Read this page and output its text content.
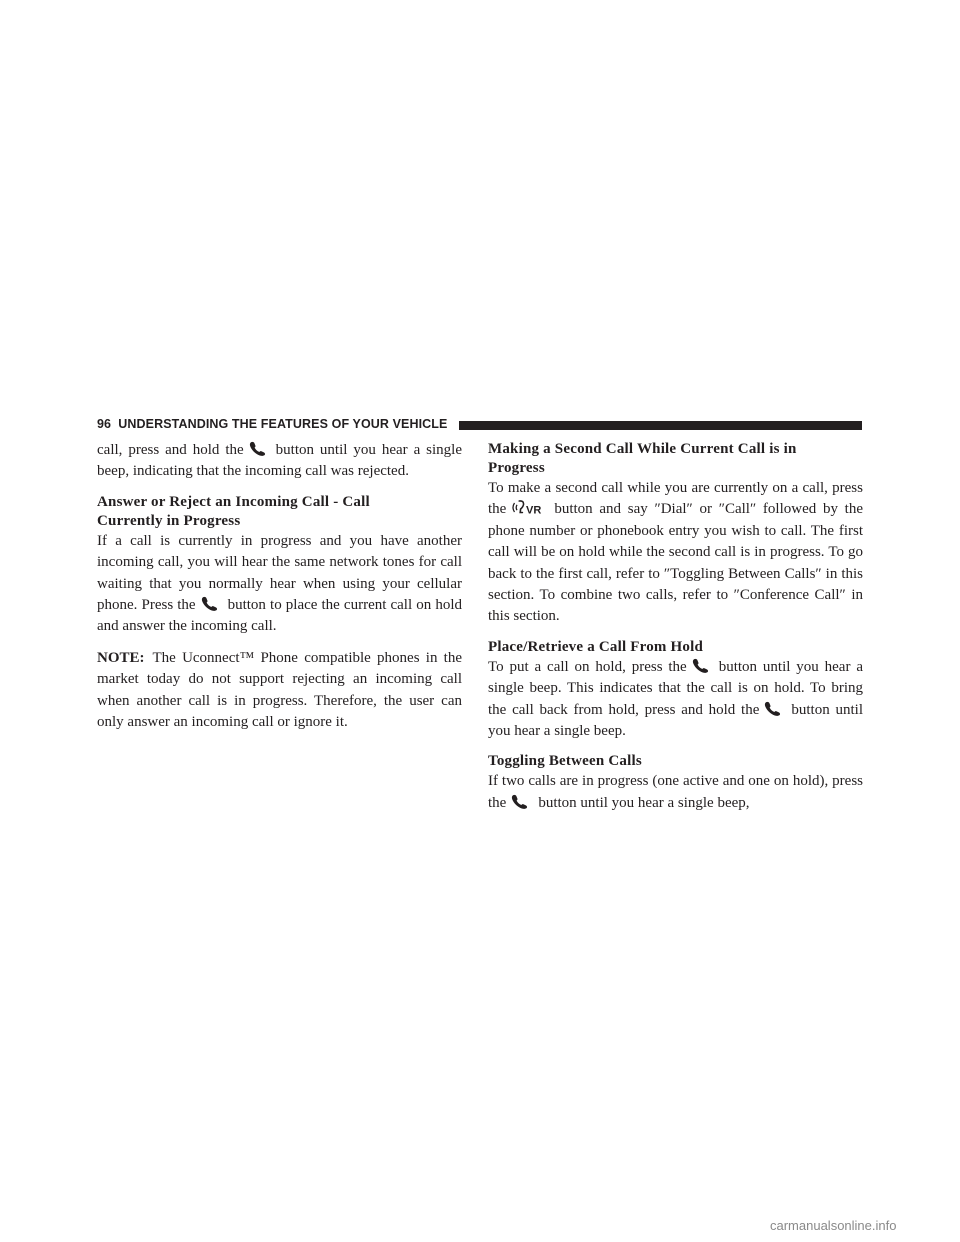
96 UNDERSTANDING THE FEATURES OF YOUR VEHICLE

call, press and hold the button until you hear a single beep, indicating that the incoming call was rejected.

Answer or Reject an Incoming Call - Call
Currently in Progress

If a call is currently in progress and you have another incoming call, you will hear the same network tones for call waiting that you normally hear when using your cellular phone. Press the button to place the current call on hold and answer the incoming call.

NOTE: The Uconnect™ Phone compatible phones in the market today do not support rejecting an incoming call when another call is in progress. Therefore, the user can only answer an incoming call or ignore it.

Making a Second Call While Current Call is in
Progress

To make a second call while you are currently on a call, press the VR button and say ″Dial″ or ″Call″ followed by the phone number or phonebook entry you wish to call. The first call will be on hold while the second call is in progress. To go back to the first call, refer to ″Toggling Between Calls″ in this section. To combine two calls, refer to ″Conference Call″ in this section.

Place/Retrieve a Call From Hold

To put a call on hold, press the button until you hear a single beep. This indicates that the call is on hold. To bring the call back from hold, press and hold the button until you hear a single beep.

Toggling Between Calls

If two calls are in progress (one active and one on hold), press the button until you hear a single beep,

carmanualsonline.info
